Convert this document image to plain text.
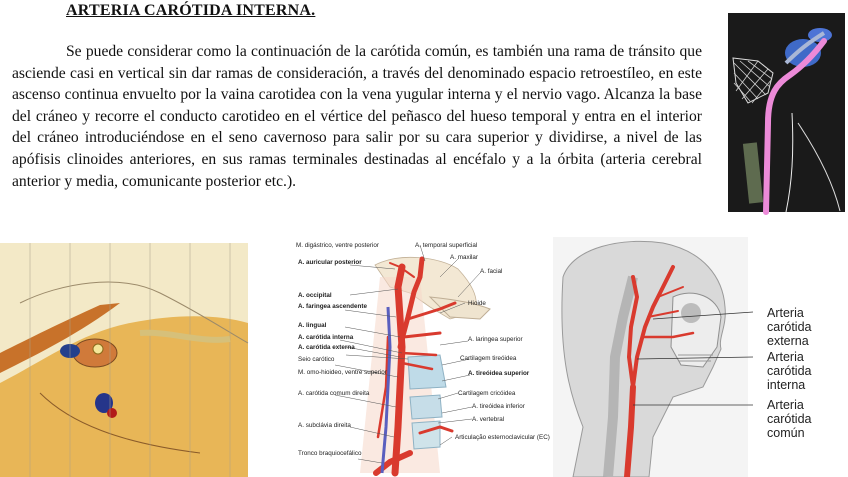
ARTERIA CARÓTIDA INTERNA.

Se puede considerar como la continuación de la carótida común, es también una rama de tránsito que asciende casi en vertical sin dar ramas de consideración, a través del denominado espacio retroestíleo, en este ascenso continua envuelto por la vaina carotidea con la vena yugular interna y el nervio vago. Alcanza la base del cráneo y recorre el conducto carotideo en el vértice del peñasco del hueso temporal y entra en el interior del cráneo introduciéndose en el seno cavernoso para salir por su cara superior y dividirse, a nivel de las apófisis clinoides anteriores, en sus ramas terminales destinadas al encéfalo y a la órbita (arteria cerebral anterior y media, comunicante posterior etc.).

M. digástrico, ventre posterior
A. auricular posterior
A. occipital
A. faringea ascendente
A. lingual
A. carótida interna
A. carótida externa
Seio carótico
M. omo-hioideo, ventre superior
A. carótida comum direita
A. subclávia direita
Tronco braquiocefálico
A. temporal superficial
A. maxilar
A. facial
Hioide
A. laringea superior
Cartilagem tireóidea
A. tireóidea superior
Cartilagem cricóidea
A. tireóidea inferior
A. vertebral
Articulação esternoclavicular (EC)
Arteria carótida
externa
Arteria carótida
interna
Arteria carótida
común
